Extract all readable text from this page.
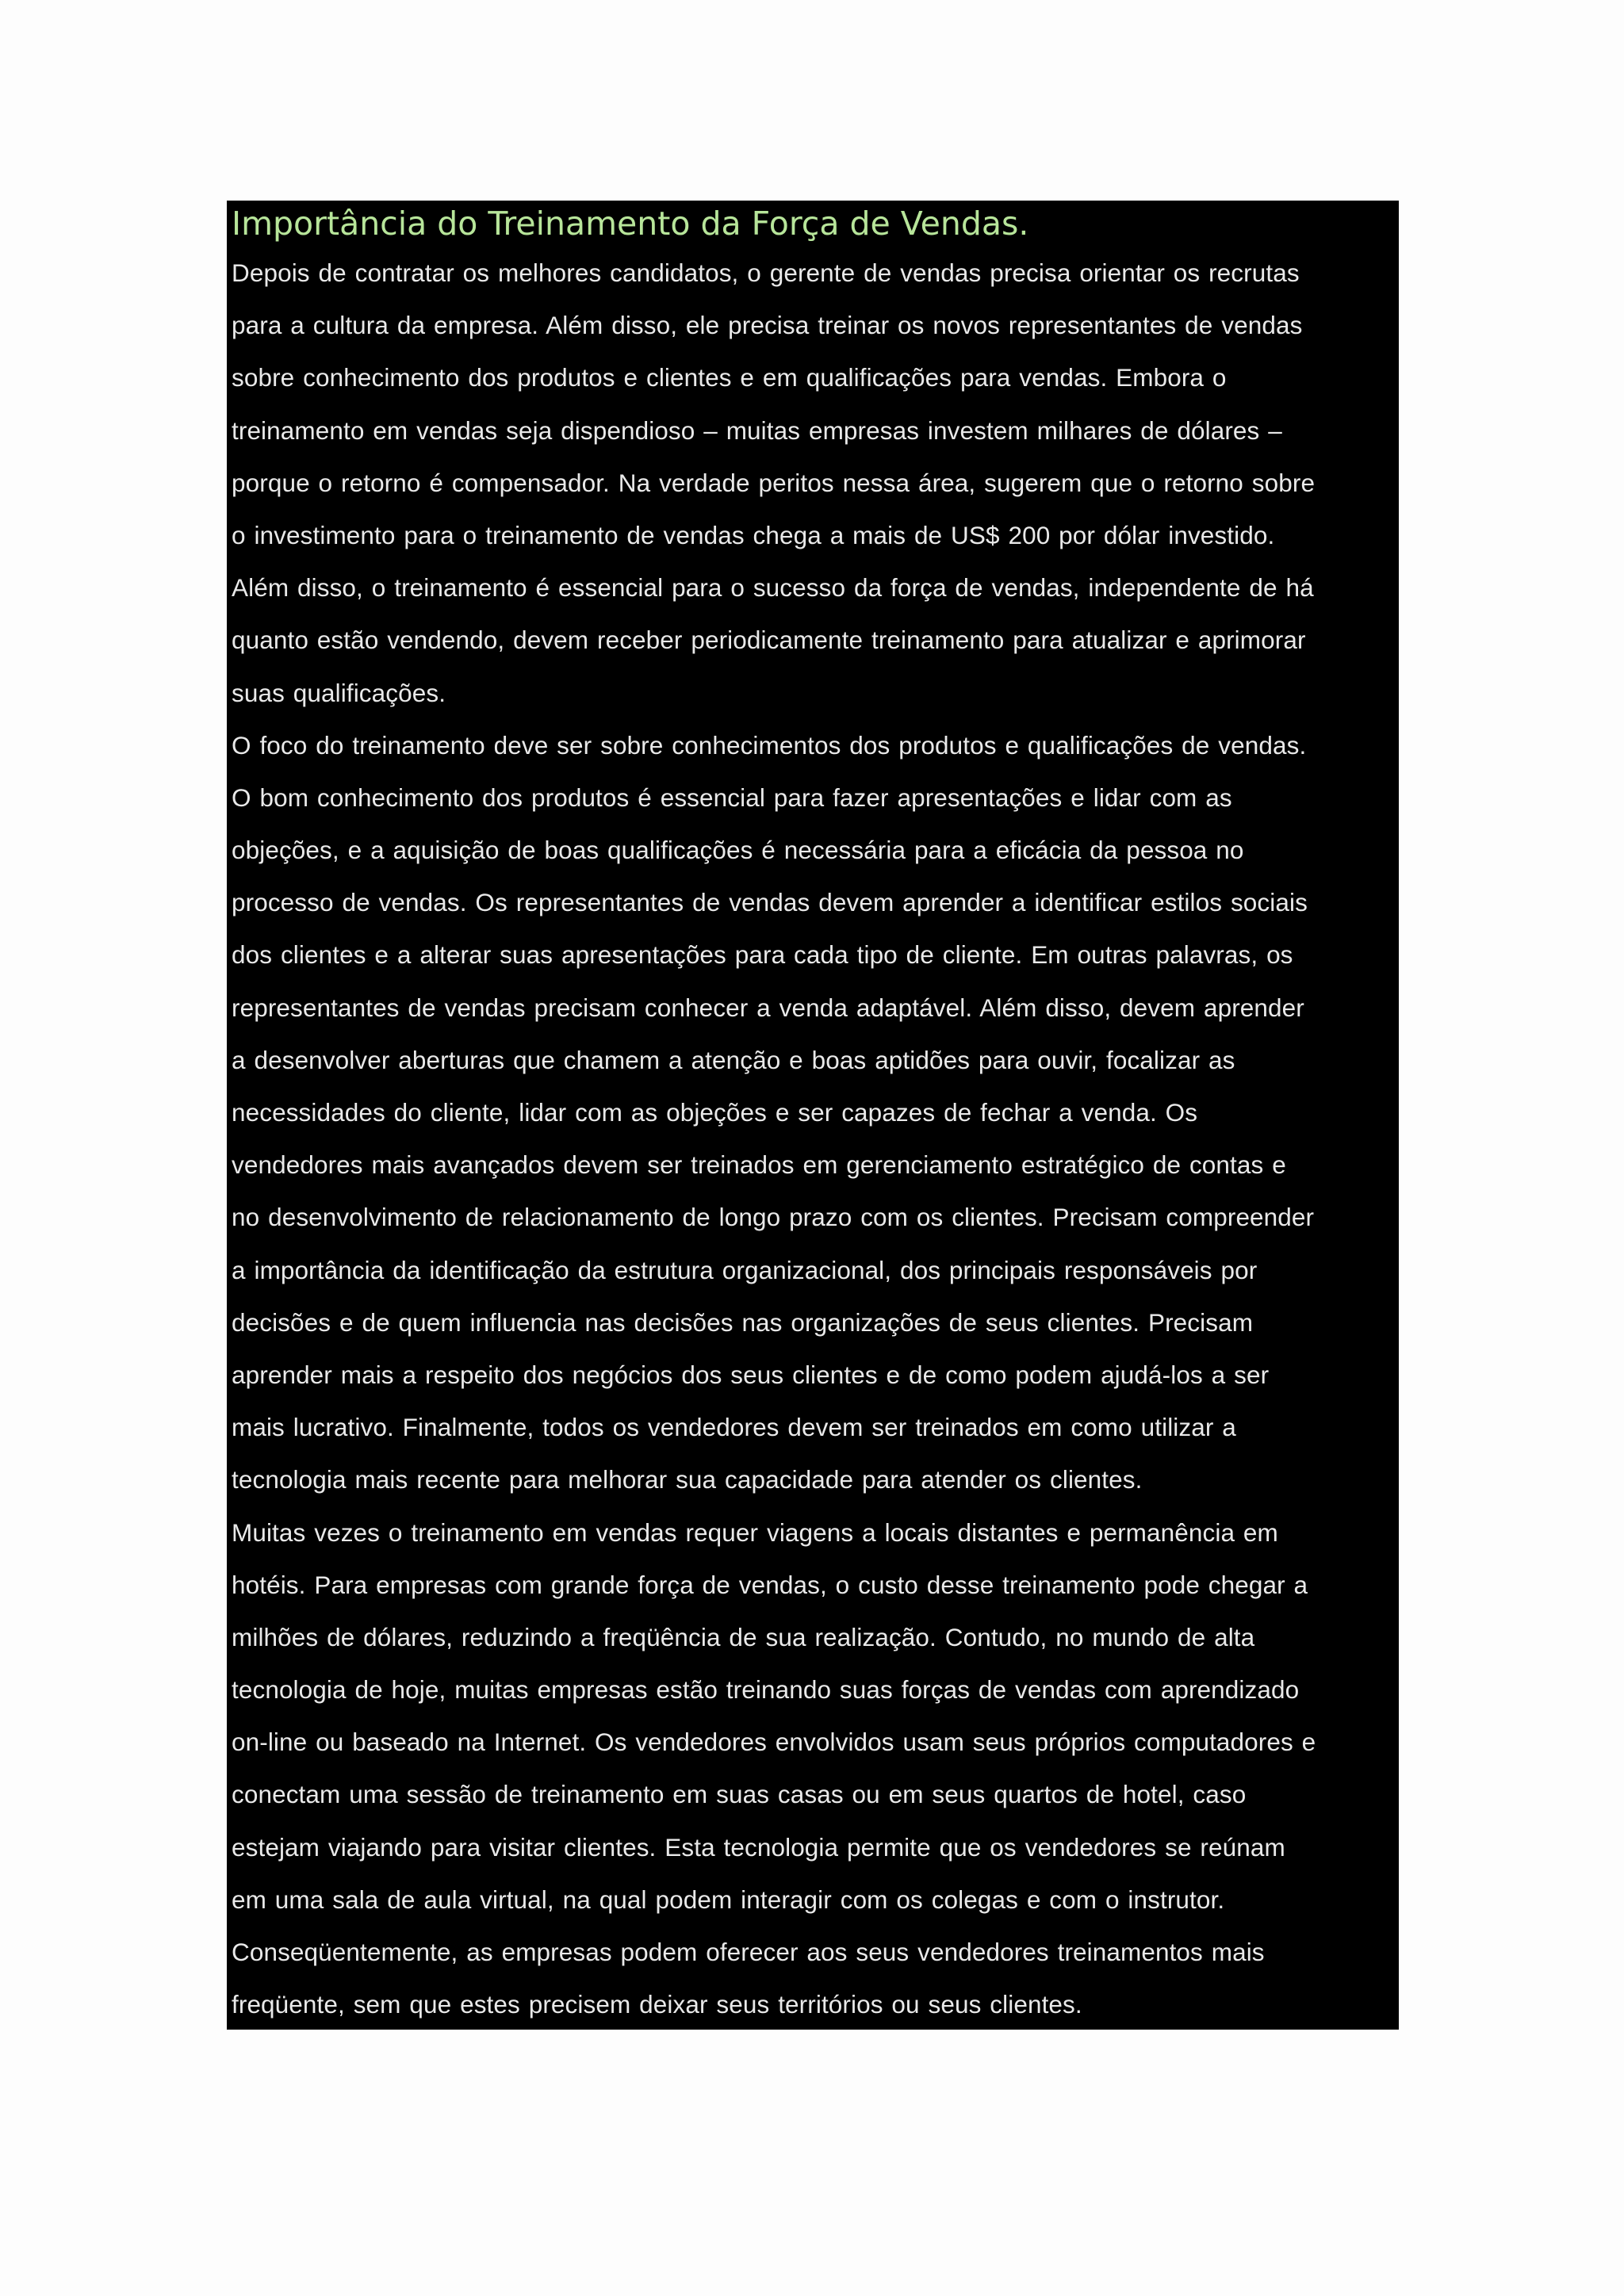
Importância do Treinamento da Força de Vendas.
Depois de contratar os melhores candidatos, o gerente de vendas precisa orientar os recrutas
para a cultura da empresa. Além disso, ele precisa treinar os novos representantes de vendas
sobre conhecimento dos produtos e clientes e em qualificações para vendas. Embora o
treinamento em vendas seja dispendioso – muitas empresas investem milhares de dólares –
porque o retorno é compensador. Na verdade peritos nessa área, sugerem que o retorno sobre
o investimento para o treinamento de vendas chega a mais de US$ 200 por dólar investido.
Além disso, o treinamento é essencial para o sucesso da força de vendas, independente de há
quanto estão vendendo, devem receber periodicamente treinamento para atualizar e aprimorar
suas qualificações.
O foco do treinamento deve ser sobre conhecimentos dos produtos e qualificações de vendas.
O bom conhecimento dos produtos é essencial para fazer apresentações e lidar com as
objeções, e a aquisição de boas qualificações é necessária para a eficácia da pessoa no
processo de vendas. Os representantes de vendas devem aprender a identificar estilos sociais
dos clientes e a alterar suas apresentações para cada tipo de cliente. Em outras palavras, os
representantes de vendas precisam conhecer a venda adaptável. Além disso, devem aprender
a desenvolver aberturas que chamem a atenção e boas aptidões para ouvir, focalizar as
necessidades do cliente, lidar com as objeções e ser capazes de fechar a venda. Os
vendedores mais avançados devem ser treinados em gerenciamento estratégico de contas e
no desenvolvimento de relacionamento de longo prazo com os clientes. Precisam compreender
a importância da identificação da estrutura organizacional, dos principais responsáveis por
decisões e de quem influencia nas decisões nas organizações de seus clientes. Precisam
aprender mais a respeito dos negócios dos seus clientes e de como podem ajudá-los a ser
mais lucrativo. Finalmente, todos os vendedores devem ser treinados em como utilizar a
tecnologia mais recente para melhorar sua capacidade para atender os clientes.
Muitas vezes o treinamento em vendas requer viagens a locais distantes e permanência em
hotéis. Para empresas com grande força de vendas, o custo desse treinamento pode chegar a
milhões de dólares, reduzindo a freqüência de sua realização. Contudo, no mundo de alta
tecnologia de hoje, muitas empresas estão treinando suas forças de vendas com aprendizado
on-line ou baseado na Internet. Os vendedores envolvidos usam seus próprios computadores e
conectam uma sessão de treinamento em suas casas ou em seus quartos de hotel, caso
estejam viajando para visitar clientes. Esta tecnologia permite que os vendedores se reúnam
em uma sala de aula virtual, na qual podem interagir com os colegas e com o instrutor.
Conseqüentemente, as empresas podem oferecer aos seus vendedores treinamentos mais
freqüente, sem que estes precisem deixar seus territórios ou seus clientes.
